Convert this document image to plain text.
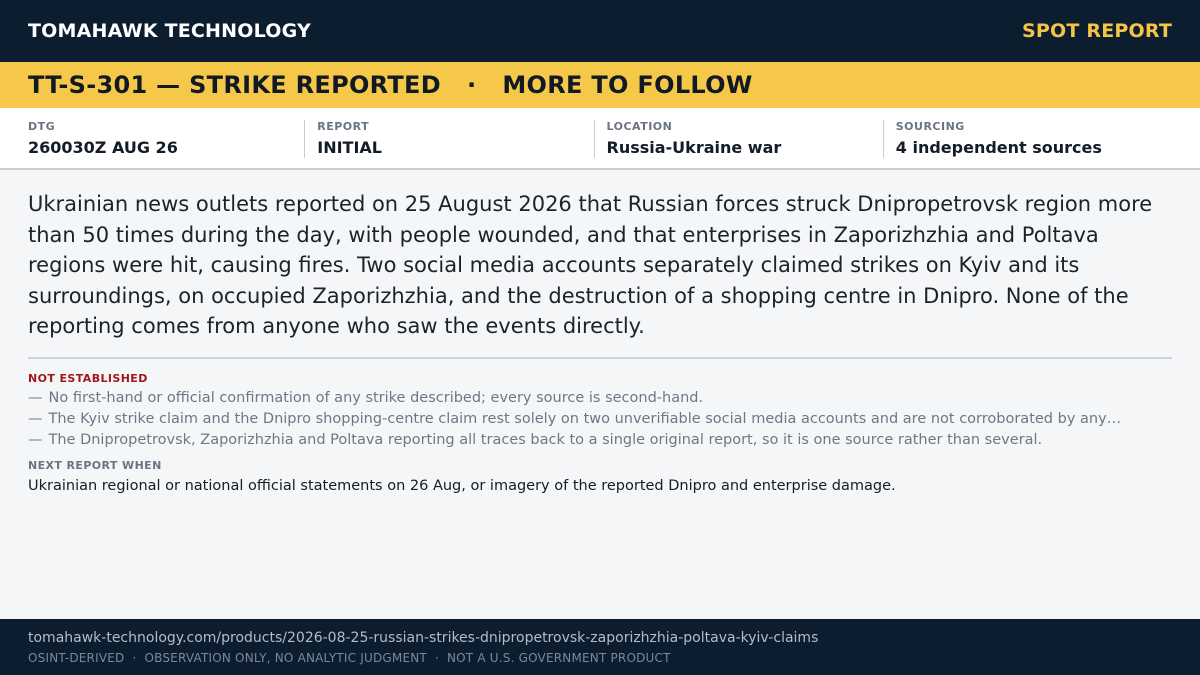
TOMAHAWK TECHNOLOGY	SPOT REPORT
TT-S-301 — STRIKE REPORTED · MORE TO FOLLOW
DTG
260030Z AUG 26
REPORT
INITIAL
LOCATION
Russia-Ukraine war
SOURCING
4 independent sources

Ukrainian news outlets reported on 25 August 2026 that Russian forces struck Dnipropetrovsk region more than 50 times during the day, with people wounded, and that enterprises in Zaporizhzhia and Poltava regions were hit, causing fires. Two social media accounts separately claimed strikes on Kyiv and its surroundings, on occupied Zaporizhzhia, and the destruction of a shopping centre in Dnipro. None of the reporting comes from anyone who saw the events directly.

NOT ESTABLISHED
— No first-hand or official confirmation of any strike described; every source is second-hand.
— The Kyiv strike claim and the Dnipro shopping-centre claim rest solely on two unverifiable social media accounts and are not corroborated by any…
— The Dnipropetrovsk, Zaporizhzhia and Poltava reporting all traces back to a single original report, so it is one source rather than several.
NEXT REPORT WHEN
Ukrainian regional or national official statements on 26 Aug, or imagery of the reported Dnipro and enterprise damage.
tomahawk-technology.com/products/2026-08-25-russian-strikes-dnipropetrovsk-zaporizhzhia-poltava-kyiv-claims
OSINT-DERIVED · OBSERVATION ONLY, NO ANALYTIC JUDGMENT · NOT A U.S. GOVERNMENT PRODUCT
